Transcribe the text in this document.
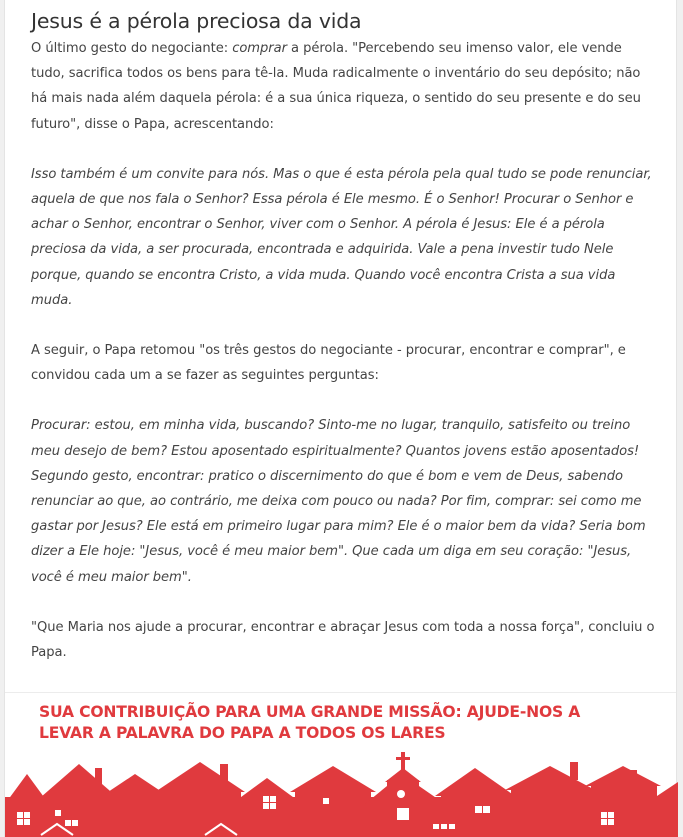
Jesus é a pérola preciosa da vida

O último gesto do negociante: comprar a pérola. "Percebendo seu imenso valor, ele vende tudo, sacrifica todos os bens para tê-la. Muda radicalmente o inventário do seu depósito; não há mais nada além daquela pérola: é a sua única riqueza, o sentido do seu presente e do seu futuro", disse o Papa, acrescentando:

Isso também é um convite para nós. Mas o que é esta pérola pela qual tudo se pode renunciar, aquela de que nos fala o Senhor? Essa pérola é Ele mesmo. É o Senhor! Procurar o Senhor e achar o Senhor, encontrar o Senhor, viver com o Senhor. A pérola é Jesus: Ele é a pérola preciosa da vida, a ser procurada, encontrada e adquirida. Vale a pena investir tudo Nele porque, quando se encontra Cristo, a vida muda. Quando você encontra Crista a sua vida muda.

A seguir, o Papa retomou "os três gestos do negociante - procurar, encontrar e comprar", e convidou cada um a se fazer as seguintes perguntas:

Procurar: estou, em minha vida, buscando? Sinto-me no lugar, tranquilo, satisfeito ou treino meu desejo de bem? Estou aposentado espiritualmente? Quantos jovens estão aposentados! Segundo gesto, encontrar: pratico o discernimento do que é bom e vem de Deus, sabendo renunciar ao que, ao contrário, me deixa com pouco ou nada? Por fim, comprar: sei como me gastar por Jesus? Ele está em primeiro lugar para mim? Ele é o maior bem da vida? Seria bom dizer a Ele hoje: "Jesus, você é meu maior bem". Que cada um diga em seu coração: "Jesus, você é meu maior bem".

"Que Maria nos ajude a procurar, encontrar e abraçar Jesus com toda a nossa força", concluiu o Papa.

SUA CONTRIBUIÇÃO PARA UMA GRANDE MISSÃO: AJUDE-NOS A LEVAR A PALAVRA DO PAPA A TODOS OS LARES
